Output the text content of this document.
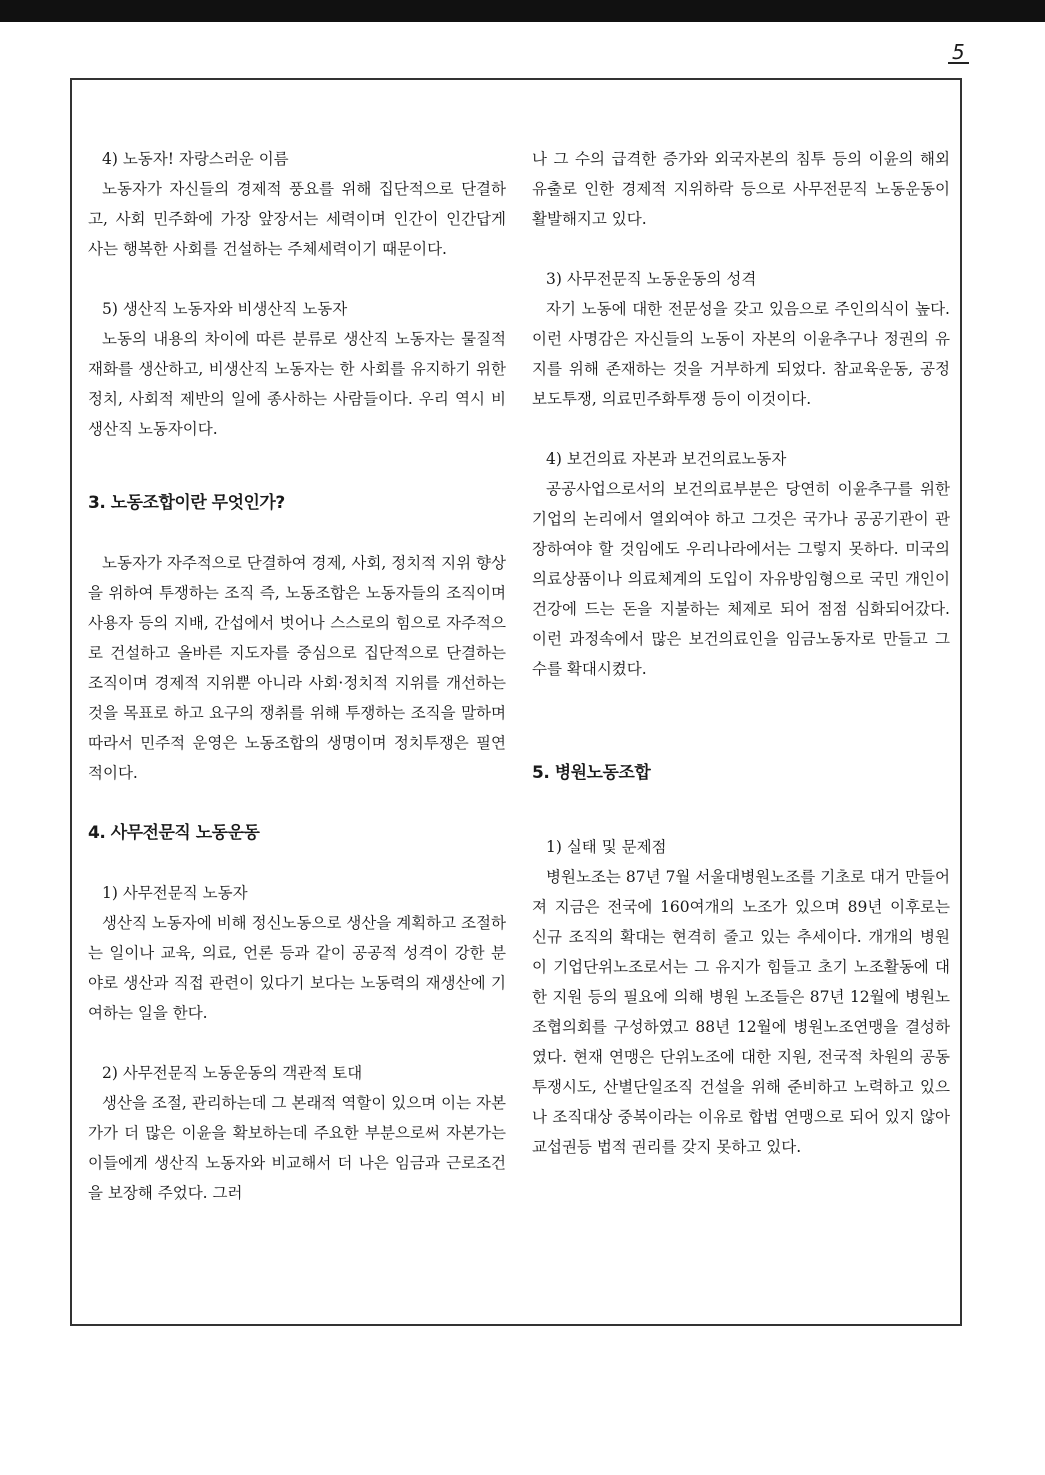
5

4) 노동자! 자랑스러운 이름

노동자가 자신들의 경제적 풍요를 위해 집단적으로 단결하고, 사회 민주화에 가장 앞장서는 세력이며 인간이 인간답게 사는 행복한 사회를 건설하는 주체세력이기 때문이다.

5) 생산직 노동자와 비생산직 노동자

노동의 내용의 차이에 따른 분류로 생산직 노동자는 물질적 재화를 생산하고, 비생산직 노동자는 한 사회를 유지하기 위한 정치, 사회적 제반의 일에 종사하는 사람들이다. 우리 역시 비생산직 노동자이다.

3. 노동조합이란 무엇인가?

노동자가 자주적으로 단결하여 경제, 사회, 정치적 지위 향상을 위하여 투쟁하는 조직 즉, 노동조합은 노동자들의 조직이며 사용자 등의 지배, 간섭에서 벗어나 스스로의 힘으로 자주적으로 건설하고 올바른 지도자를 중심으로 집단적으로 단결하는 조직이며 경제적 지위뿐 아니라 사회·정치적 지위를 개선하는 것을 목표로 하고 요구의 쟁취를 위해 투쟁하는 조직을 말하며 따라서 민주적 운영은 노동조합의 생명이며 정치투쟁은 필연적이다.

4. 사무전문직 노동운동

1) 사무전문직 노동자

생산직 노동자에 비해 정신노동으로 생산을 계획하고 조절하는 일이나 교육, 의료, 언론 등과 같이 공공적 성격이 강한 분야로 생산과 직접 관련이 있다기 보다는 노동력의 재생산에 기여하는 일을 한다.

2) 사무전문직 노동운동의 객관적 토대

생산을 조절, 관리하는데 그 본래적 역할이 있으며 이는 자본가가 더 많은 이윤을 확보하는데 주요한 부분으로써 자본가는 이들에게 생산직 노동자와 비교해서 더 나은 임금과 근로조건을 보장해 주었다. 그러

나 그 수의 급격한 증가와 외국자본의 침투 등의 이윤의 해외유출로 인한 경제적 지위하락 등으로 사무전문직 노동운동이 활발해지고 있다.

3) 사무전문직 노동운동의 성격

자기 노동에 대한 전문성을 갖고 있음으로 주인의식이 높다. 이런 사명감은 자신들의 노동이 자본의 이윤추구나 정권의 유지를 위해 존재하는 것을 거부하게 되었다. 참교육운동, 공정보도투쟁, 의료민주화투쟁 등이 이것이다.

4) 보건의료 자본과 보건의료노동자

공공사업으로서의 보건의료부분은 당연히 이윤추구를 위한 기업의 논리에서 열외여야 하고 그것은 국가나 공공기관이 관장하여야 할 것임에도 우리나라에서는 그렇지 못하다. 미국의 의료상품이나 의료체계의 도입이 자유방임형으로 국민 개인이 건강에 드는 돈을 지불하는 체제로 되어 점점 심화되어갔다. 이런 과정속에서 많은 보건의료인을 임금노동자로 만들고 그 수를 확대시켰다.

5. 병원노동조합

1) 실태 및 문제점

병원노조는 87년 7월 서울대병원노조를 기초로 대거 만들어져 지금은 전국에 160여개의 노조가 있으며 89년 이후로는 신규 조직의 확대는 현격히 줄고 있는 추세이다. 개개의 병원이 기업단위노조로서는 그 유지가 힘들고 초기 노조활동에 대한 지원 등의 필요에 의해 병원 노조들은 87년 12월에 병원노조협의회를 구성하였고 88년 12월에 병원노조연맹을 결성하였다. 현재 연맹은 단위노조에 대한 지원, 전국적 차원의 공동투쟁시도, 산별단일조직 건설을 위해 준비하고 노력하고 있으나 조직대상 중복이라는 이유로 합법 연맹으로 되어 있지 않아 교섭권등 법적 권리를 갖지 못하고 있다.
